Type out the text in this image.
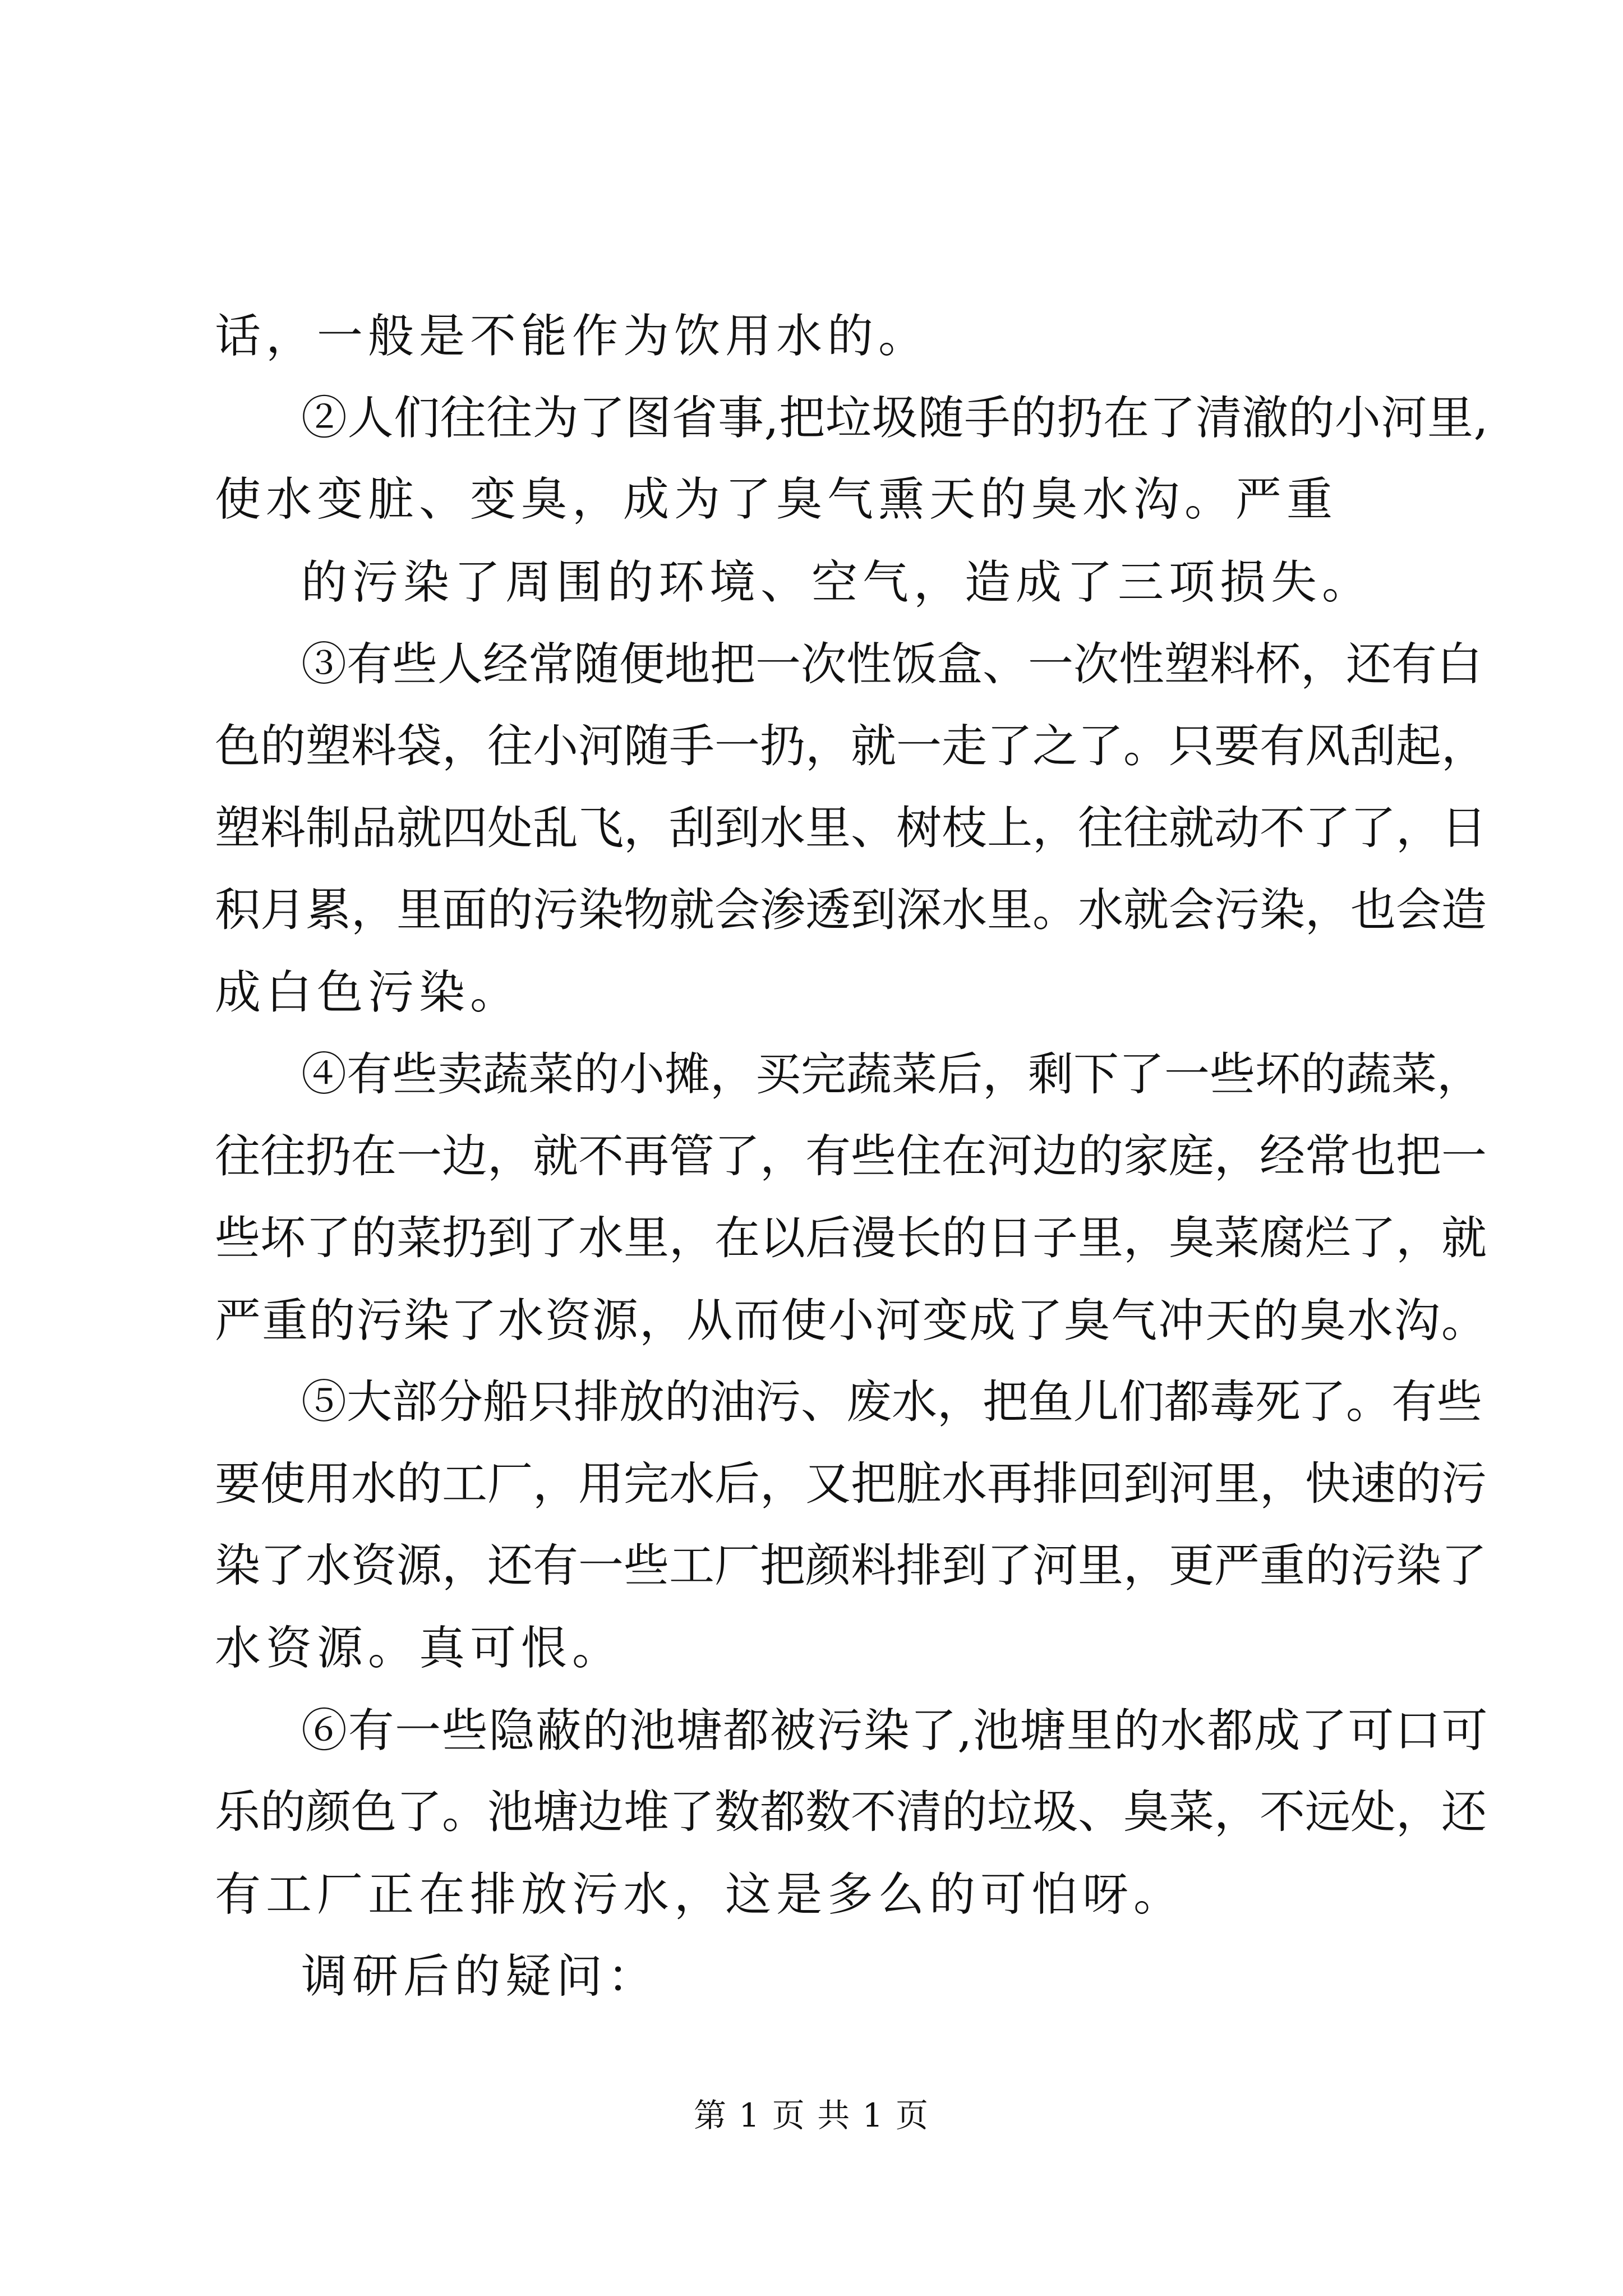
话，一般是不能作为饮用水的。
②人们往往为了图省事,把垃圾随手的扔在了清澈的小河里,
使水变脏、变臭，成为了臭气熏天的臭水沟。严重
的污染了周围的环境、空气，造成了三项损失。
③有些人经常随便地把一次性饭盒、一次性塑料杯，还有白
色的塑料袋，往小河随手一扔，就一走了之了。只要有风刮起，
塑料制品就四处乱飞，刮到水里、树枝上，往往就动不了了，日
积月累，里面的污染物就会渗透到深水里。水就会污染，也会造
成白色污染。
④有些卖蔬菜的小摊，买完蔬菜后，剩下了一些坏的蔬菜，
往往扔在一边，就不再管了，有些住在河边的家庭，经常也把一
些坏了的菜扔到了水里，在以后漫长的日子里，臭菜腐烂了，就
严重的污染了水资源，从而使小河变成了臭气冲天的臭水沟。
⑤大部分船只排放的油污、废水，把鱼儿们都毒死了。有些
要使用水的工厂，用完水后，又把脏水再排回到河里，快速的污
染了水资源，还有一些工厂把颜料排到了河里，更严重的污染了
水资源。真可恨。
⑥有一些隐蔽的池塘都被污染了,池塘里的水都成了可口可
乐的颜色了。池塘边堆了数都数不清的垃圾、臭菜，不远处，还
有工厂正在排放污水，这是多么的可怕呀。
调研后的疑问：
第 1 页 共 1 页
